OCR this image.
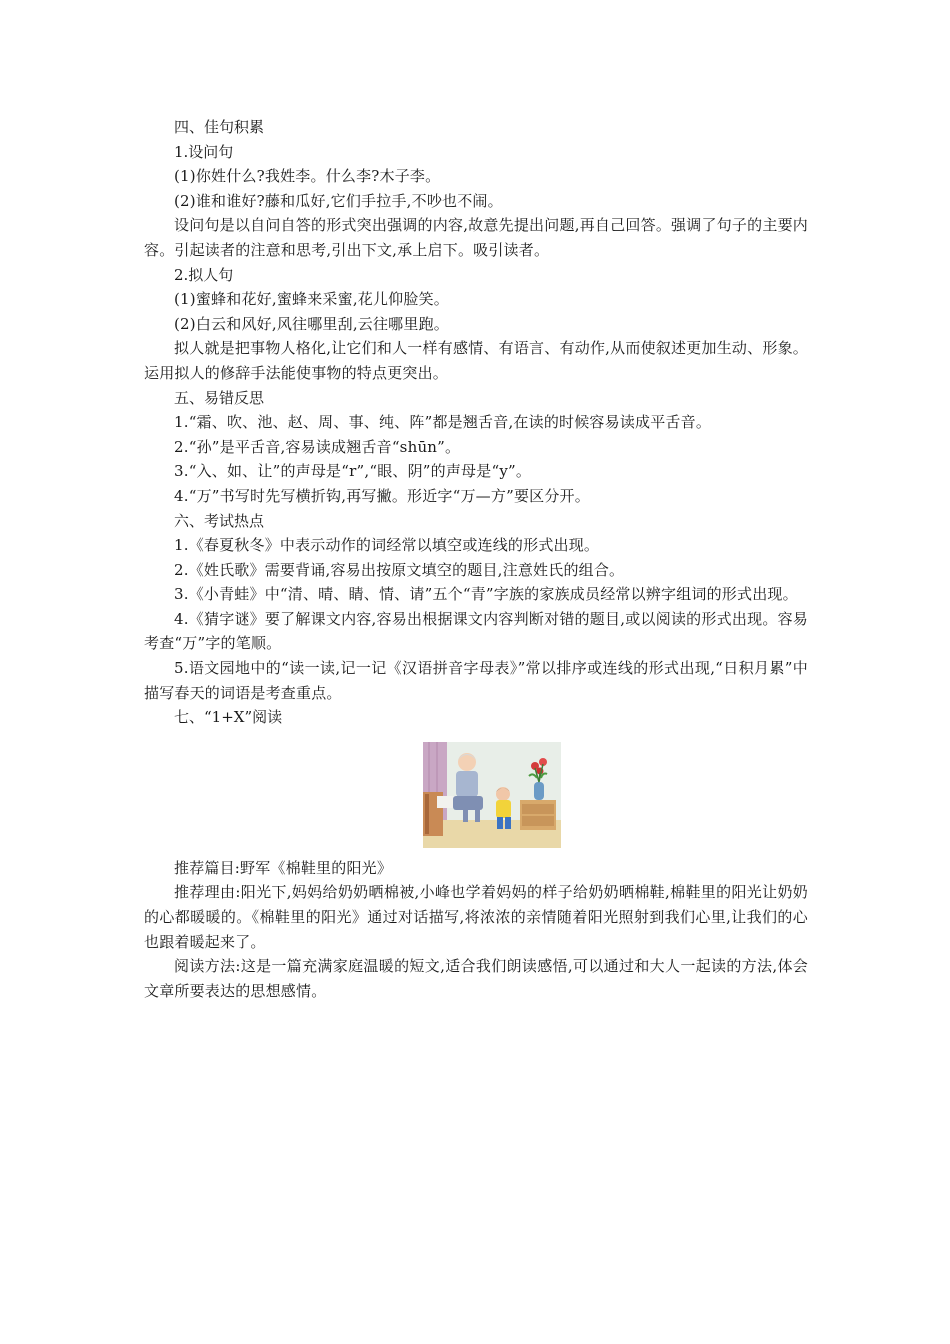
四、佳句积累

1.设问句

(1)你姓什么?我姓李。什么李?木子李。

(2)谁和谁好?藤和瓜好,它们手拉手,不吵也不闹。

设问句是以自问自答的形式突出强调的内容,故意先提出问题,再自己回答。强调了句子的主要内容。引起读者的注意和思考,引出下文,承上启下。吸引读者。

2.拟人句

(1)蜜蜂和花好,蜜蜂来采蜜,花儿仰脸笑。

(2)白云和风好,风往哪里刮,云往哪里跑。

拟人就是把事物人格化,让它们和人一样有感情、有语言、有动作,从而使叙述更加生动、形象。运用拟人的修辞手法能使事物的特点更突出。

五、易错反思

1.“霜、吹、池、赵、周、事、纯、阵”都是翘舌音,在读的时候容易读成平舌音。

2.“孙”是平舌音,容易读成翘舌音“shūn”。

3.“入、如、让”的声母是“r”,“眼、阴”的声母是“y”。

4.“万”书写时先写横折钩,再写撇。形近字“万—方”要区分开。

六、考试热点

1.《春夏秋冬》中表示动作的词经常以填空或连线的形式出现。

2.《姓氏歌》需要背诵,容易出按原文填空的题目,注意姓氏的组合。

3.《小青蛙》中“清、晴、睛、情、请”五个“青”字族的家族成员经常以辨字组词的形式出现。

4.《猜字谜》要了解课文内容,容易出根据课文内容判断对错的题目,或以阅读的形式出现。容易考查“万”字的笔顺。

5.语文园地中的“读一读,记一记《汉语拼音字母表》”常以排序或连线的形式出现,“日积月累”中描写春天的词语是考查重点。

七、“1+X”阅读

推荐篇目:野军《棉鞋里的阳光》

推荐理由:阳光下,妈妈给奶奶晒棉被,小峰也学着妈妈的样子给奶奶晒棉鞋,棉鞋里的阳光让奶奶的心都暖暖的。《棉鞋里的阳光》通过对话描写,将浓浓的亲情随着阳光照射到我们心里,让我们的心也跟着暖起来了。

阅读方法:这是一篇充满家庭温暖的短文,适合我们朗读感悟,可以通过和大人一起读的方法,体会文章所要表达的思想感情。
